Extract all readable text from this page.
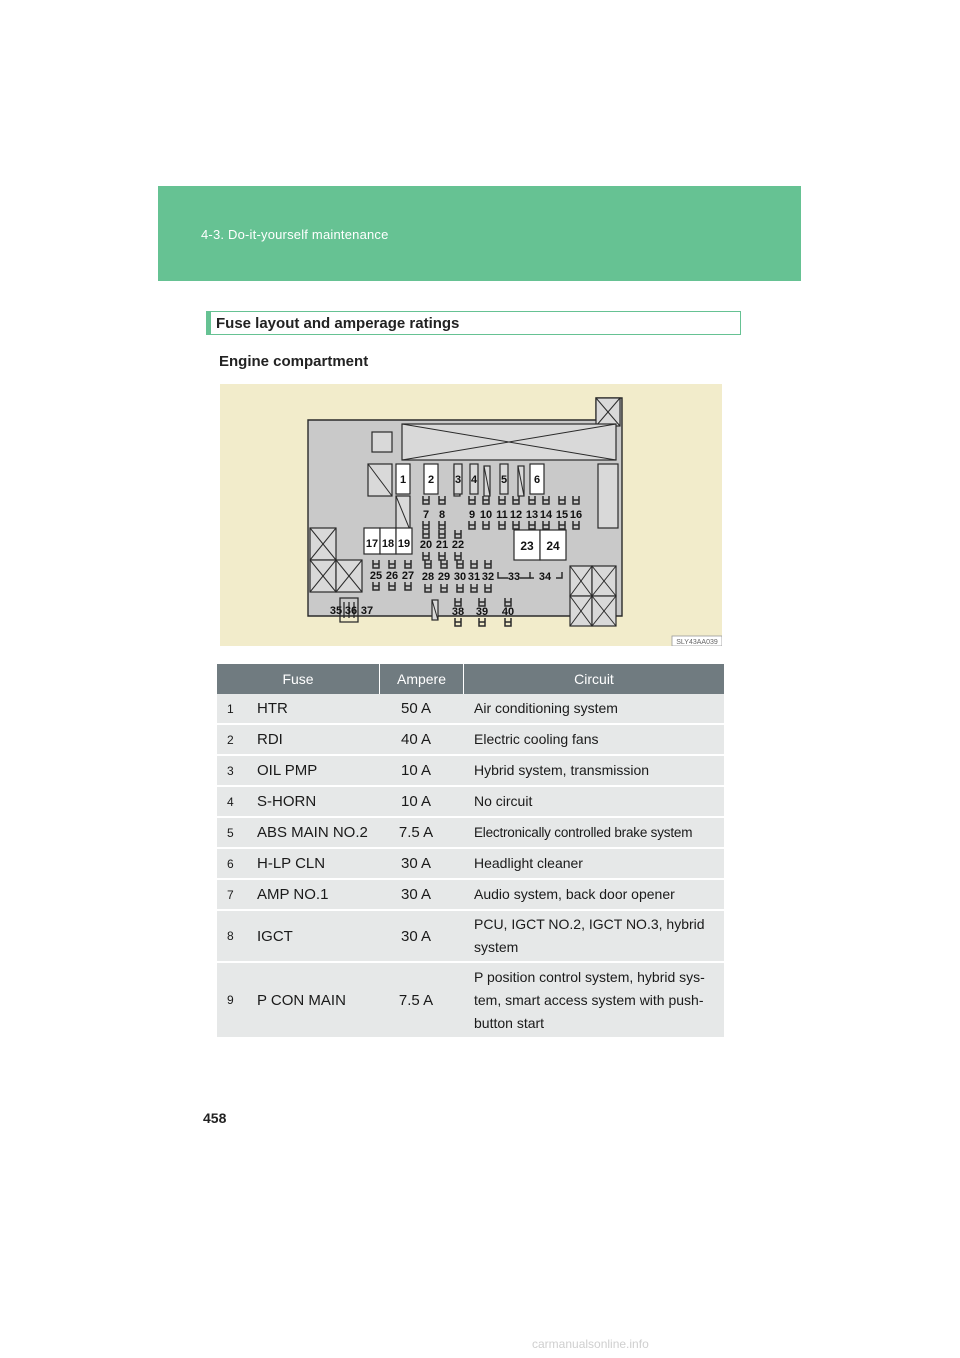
4-3. Do-it-yourself maintenance
Fuse layout and amperage ratings
Engine compartment
1 2 3 4 5 6
7 8 9 10 11 12 13 14 15 16
17 18 19 20 21 22	23 24
25 26 27 28 29 30 31 32 33 34
35 36 37	38 39 40
SLY43AA039
Fuse		Ampere	Circuit
1	HTR	50 A	Air conditioning system
2	RDI	40 A	Electric cooling fans
3	OIL PMP	10 A	Hybrid system, transmission
4	S-HORN	10 A	No circuit
5	ABS MAIN NO.2	7.5 A	Electronically controlled brake system
6	H-LP CLN	30 A	Headlight cleaner
7	AMP NO.1	30 A	Audio system, back door opener
8	IGCT	30 A	PCU, IGCT NO.2, IGCT NO.3, hybrid system
9	P CON MAIN	7.5 A	P position control system, hybrid sys-tem, smart access system with push-button start
458
carmanualsonline.info
